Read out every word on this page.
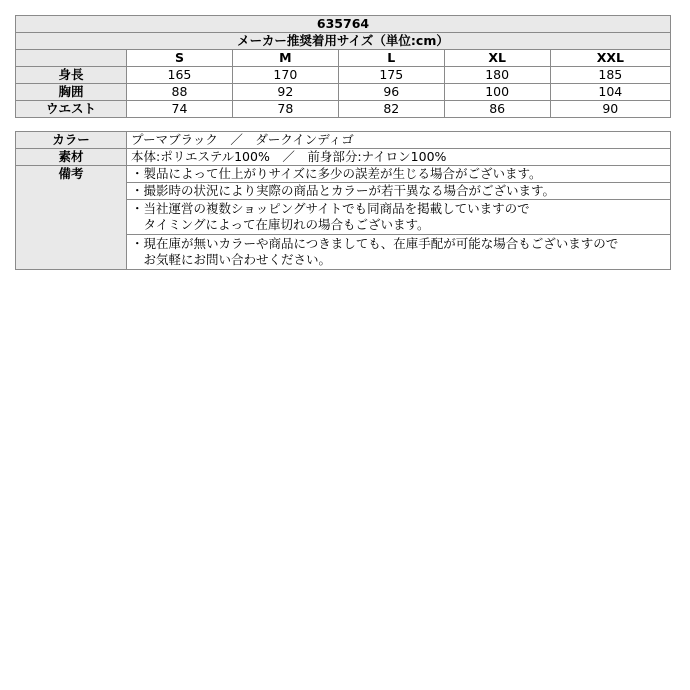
635764					
メーカー推奨着用サイズ（単位:cm）					
	S	M	L	XL	XXL
身長	165	170	175	180	185
胸囲	88	92	96	100	104
ウエスト	74	78	82	86	90
カラー	プーマブラック　／　ダークインディゴ
素材	本体:ポリエステル100%　／　前身部分:ナイロン100%
備考	・製品によって仕上がりサイズに多少の誤差が生じる場合がございます。

	・撮影時の状況により実際の商品とカラーが若干異なる場合がございます。

	・当社運営の複数ショッピングサイトでも同商品を掲載していますので
　タイミングによって在庫切れの場合もございます。

	・現在庫が無いカラーや商品につきましても、在庫手配が可能な場合もございますので
　お気軽にお問い合わせください。
